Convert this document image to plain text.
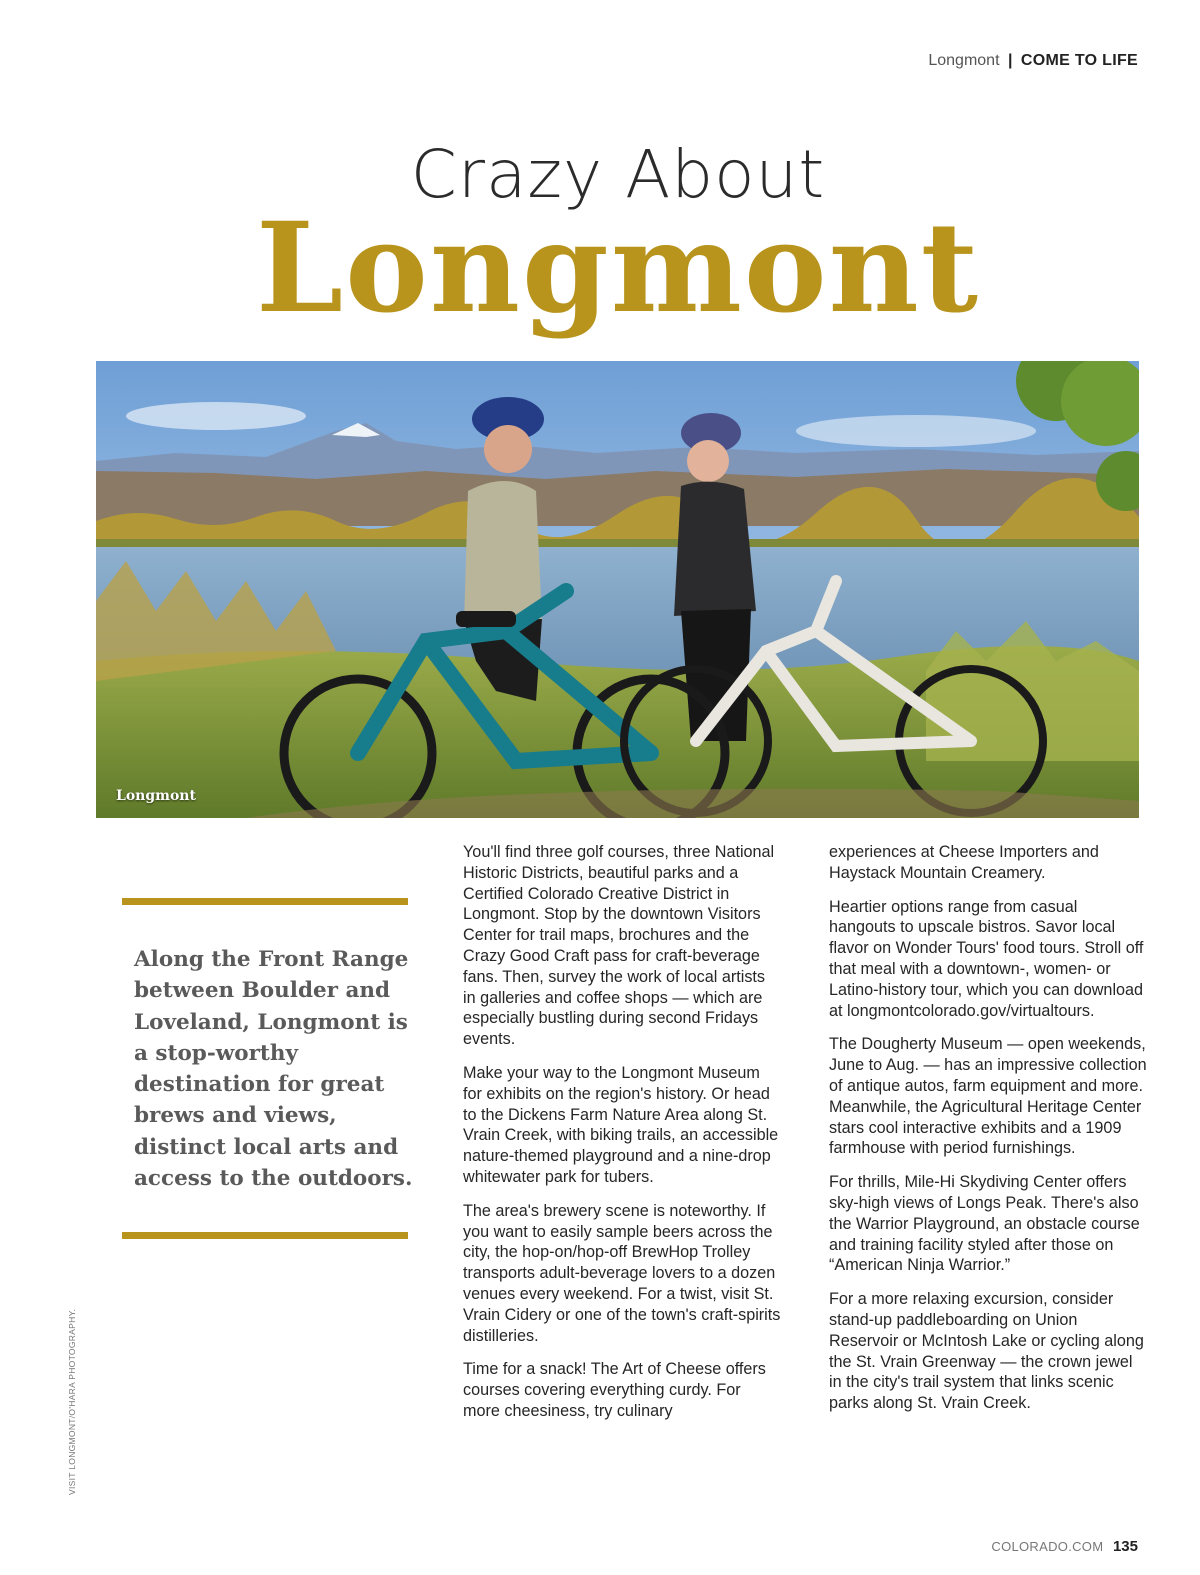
Longmont | COME TO LIFE
Crazy About
Longmont
Longmont
Along the Front Range between Boulder and Loveland, Longmont is a stop-worthy destination for great brews and views, distinct local arts and access to the outdoors.

You'll find three golf courses, three National Historic Districts, beautiful parks and a Certified Colorado Creative District in Longmont. Stop by the downtown Visitors Center for trail maps, brochures and the Crazy Good Craft pass for craft-beverage fans. Then, survey the work of local artists in galleries and coffee shops — which are especially bustling during second Fridays events.

Make your way to the Longmont Museum for exhibits on the region's history. Or head to the Dickens Farm Nature Area along St. Vrain Creek, with biking trails, an accessible nature-themed playground and a nine-drop whitewater park for tubers.

The area's brewery scene is noteworthy. If you want to easily sample beers across the city, the hop-on/hop-off BrewHop Trolley transports adult-beverage lovers to a dozen venues every weekend. For a twist, visit St. Vrain Cidery or one of the town's craft-spirits distilleries.

Time for a snack! The Art of Cheese offers courses covering everything curdy. For more cheesiness, try culinary

experiences at Cheese Importers and Haystack Mountain Creamery.

Heartier options range from casual hangouts to upscale bistros. Savor local flavor on Wonder Tours' food tours. Stroll off that meal with a downtown-, women- or Latino-history tour, which you can download at longmontcolorado.gov/virtualtours.

The Dougherty Museum — open weekends, June to Aug. — has an impressive collection of antique autos, farm equipment and more. Meanwhile, the Agricultural Heritage Center stars cool interactive exhibits and a 1909 farmhouse with period furnishings.

For thrills, Mile-Hi Skydiving Center offers sky-high views of Longs Peak. There's also the Warrior Playground, an obstacle course and training facility styled after those on “American Ninja Warrior.”

For a more relaxing excursion, consider stand-up paddleboarding on Union Reservoir or McIntosh Lake or cycling along the St. Vrain Greenway — the crown jewel in the city's trail system that links scenic parks along St. Vrain Creek.

VISIT LONGMONT/O'HARA PHOTOGRAPHY.
COLORADO.COM 135
